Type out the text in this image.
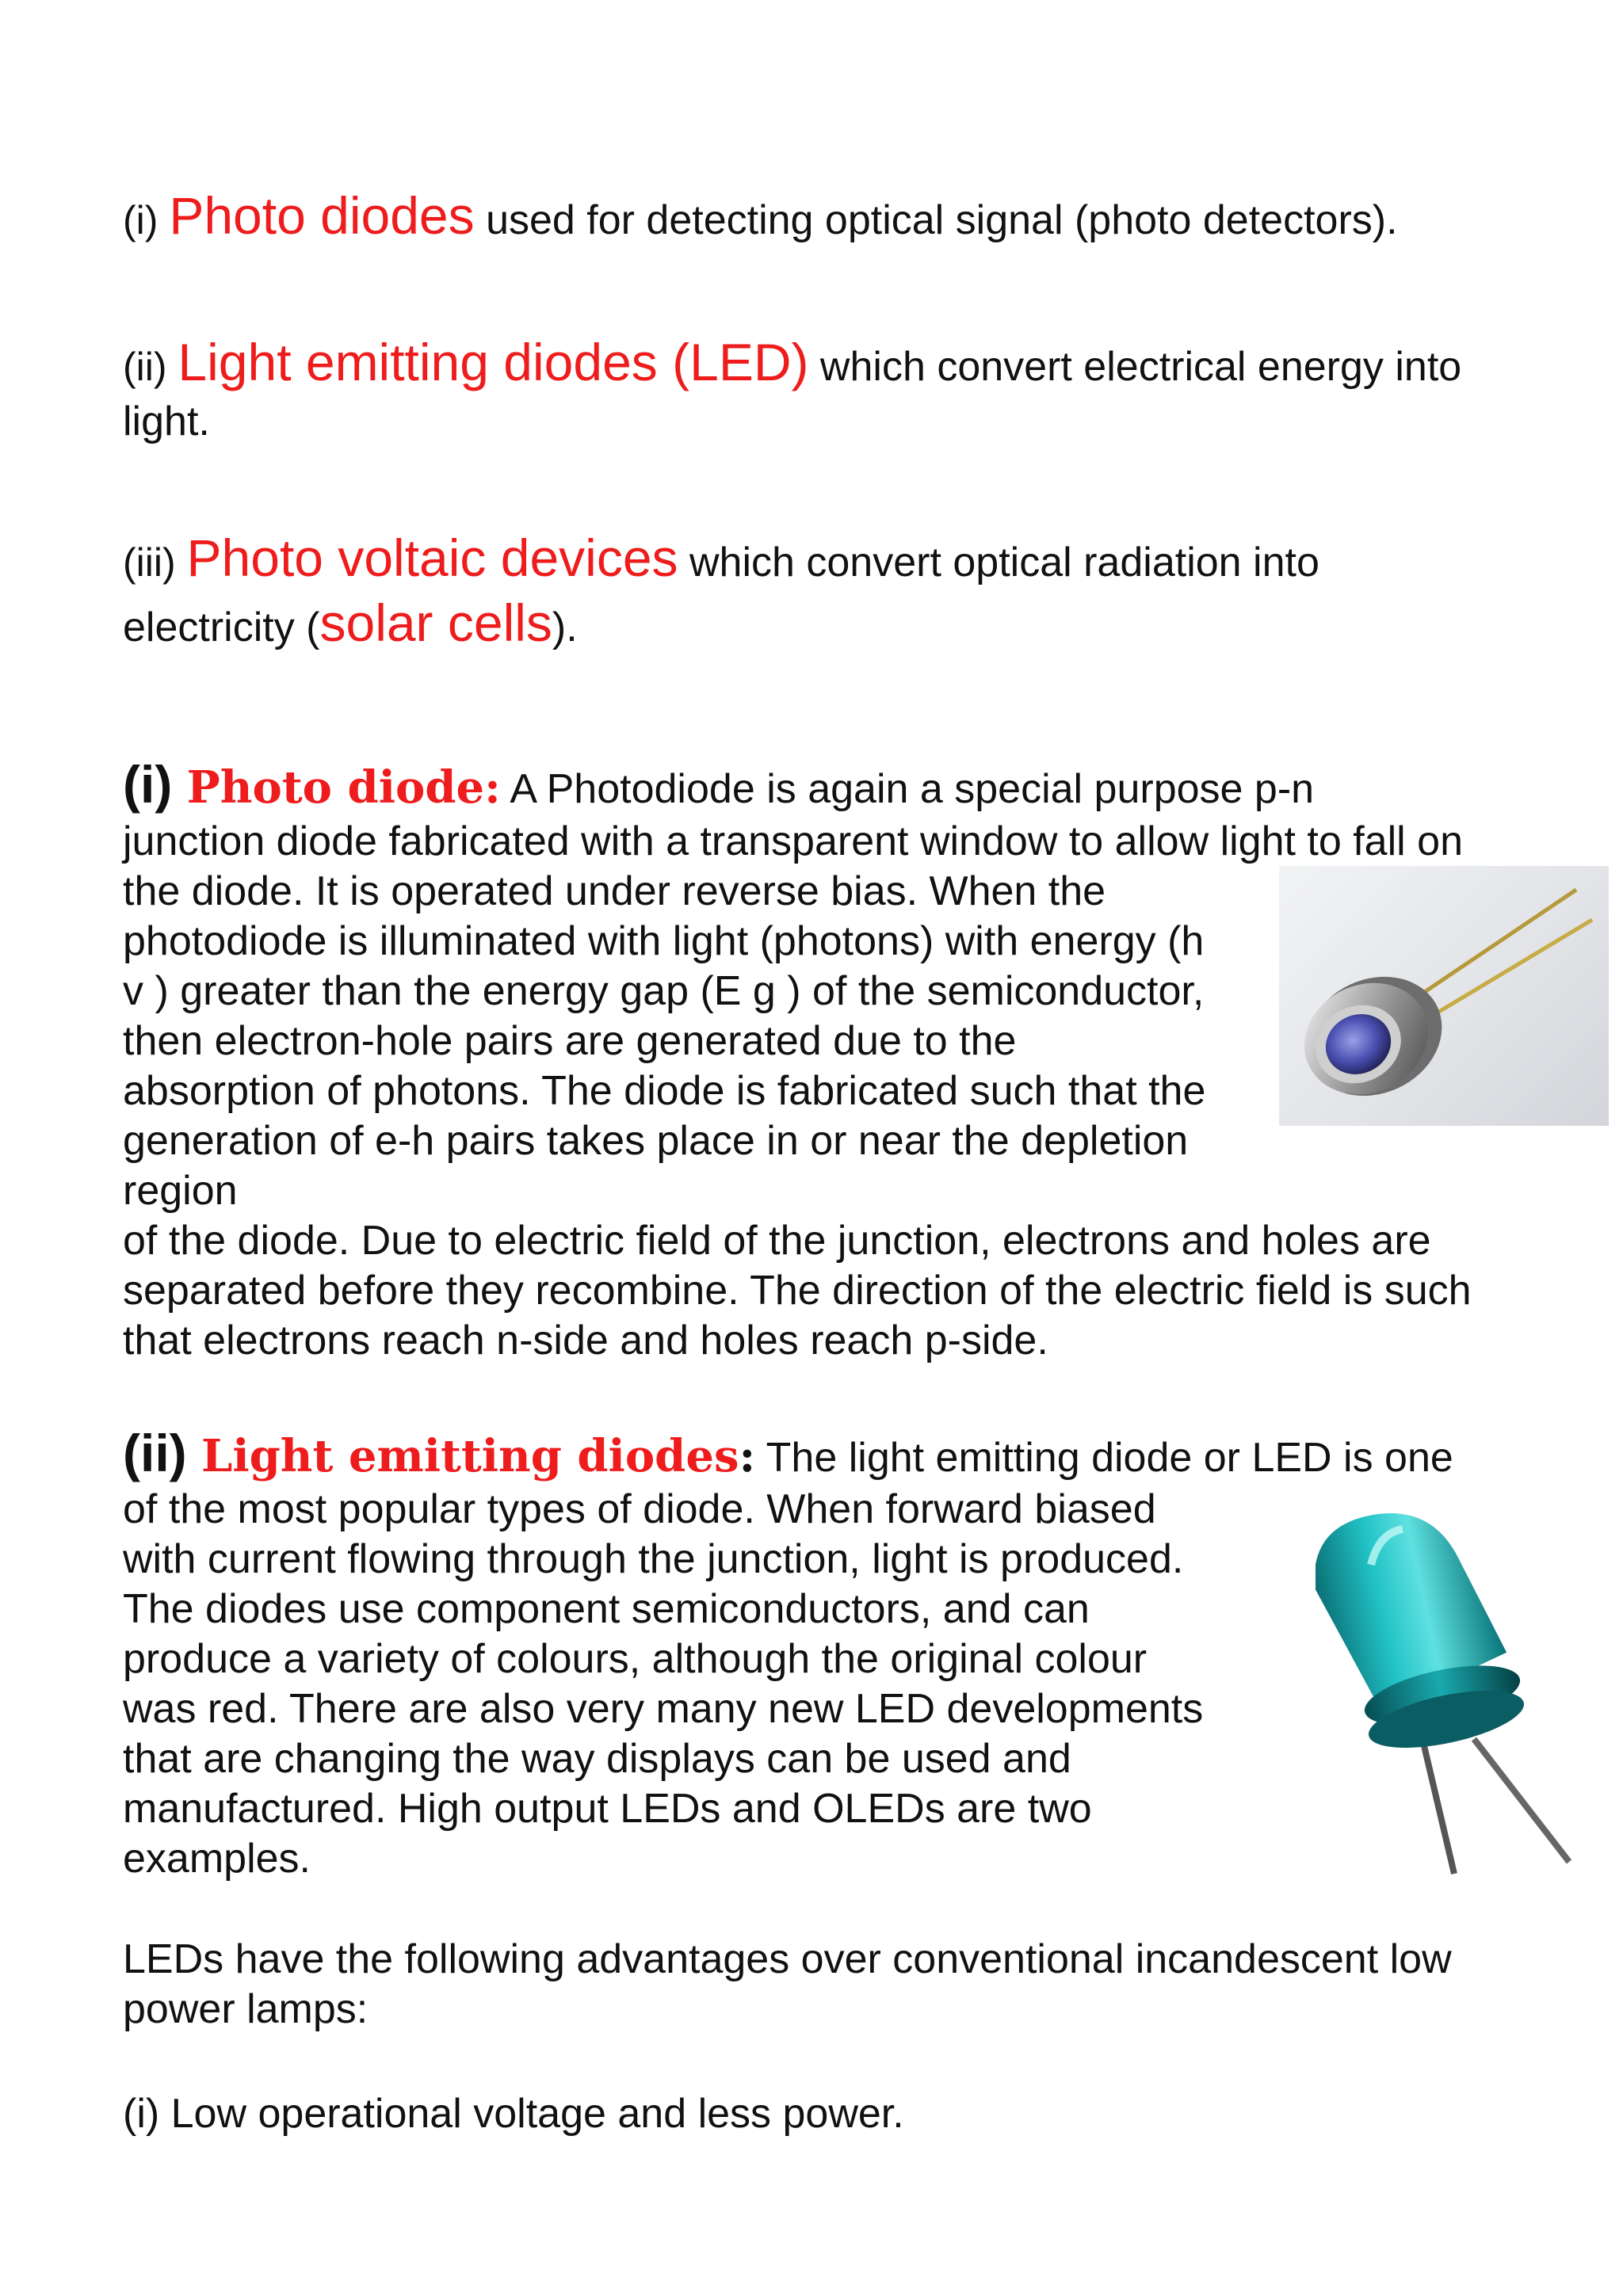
(i) Photo diodes used for detecting optical signal (photo detectors).
(ii) Light emitting diodes (LED) which convert electrical energy into
light.
(iii) Photo voltaic devices which convert optical radiation into
electricity (solar cells).
(i) Photo diode: A Photodiode is again a special purpose p-n
junction diode fabricated with a transparent window to allow light to fall on
the diode. It is operated under reverse bias. When the
photodiode is illuminated with light (photons) with energy (h
v ) greater than the energy gap (E g ) of the semiconductor,
then electron-hole pairs are generated due to the
absorption of photons. The diode is fabricated such that the
generation of e-h pairs takes place in or near the depletion
region
of the diode. Due to electric field of the junction, electrons and holes are
separated before they recombine. The direction of the electric field is such
that electrons reach n-side and holes reach p-side.
(ii) Light emitting diodes: The light emitting diode or LED is one
of the most popular types of diode. When forward biased
with current flowing through the junction, light is produced.
The diodes use component semiconductors, and can
produce a variety of colours, although the original colour
was red. There are also very many new LED developments
that are changing the way displays can be used and
manufactured. High output LEDs and OLEDs are two
examples.
LEDs have the following advantages over conventional incandescent low
power lamps:
(i) Low operational voltage and less power.
